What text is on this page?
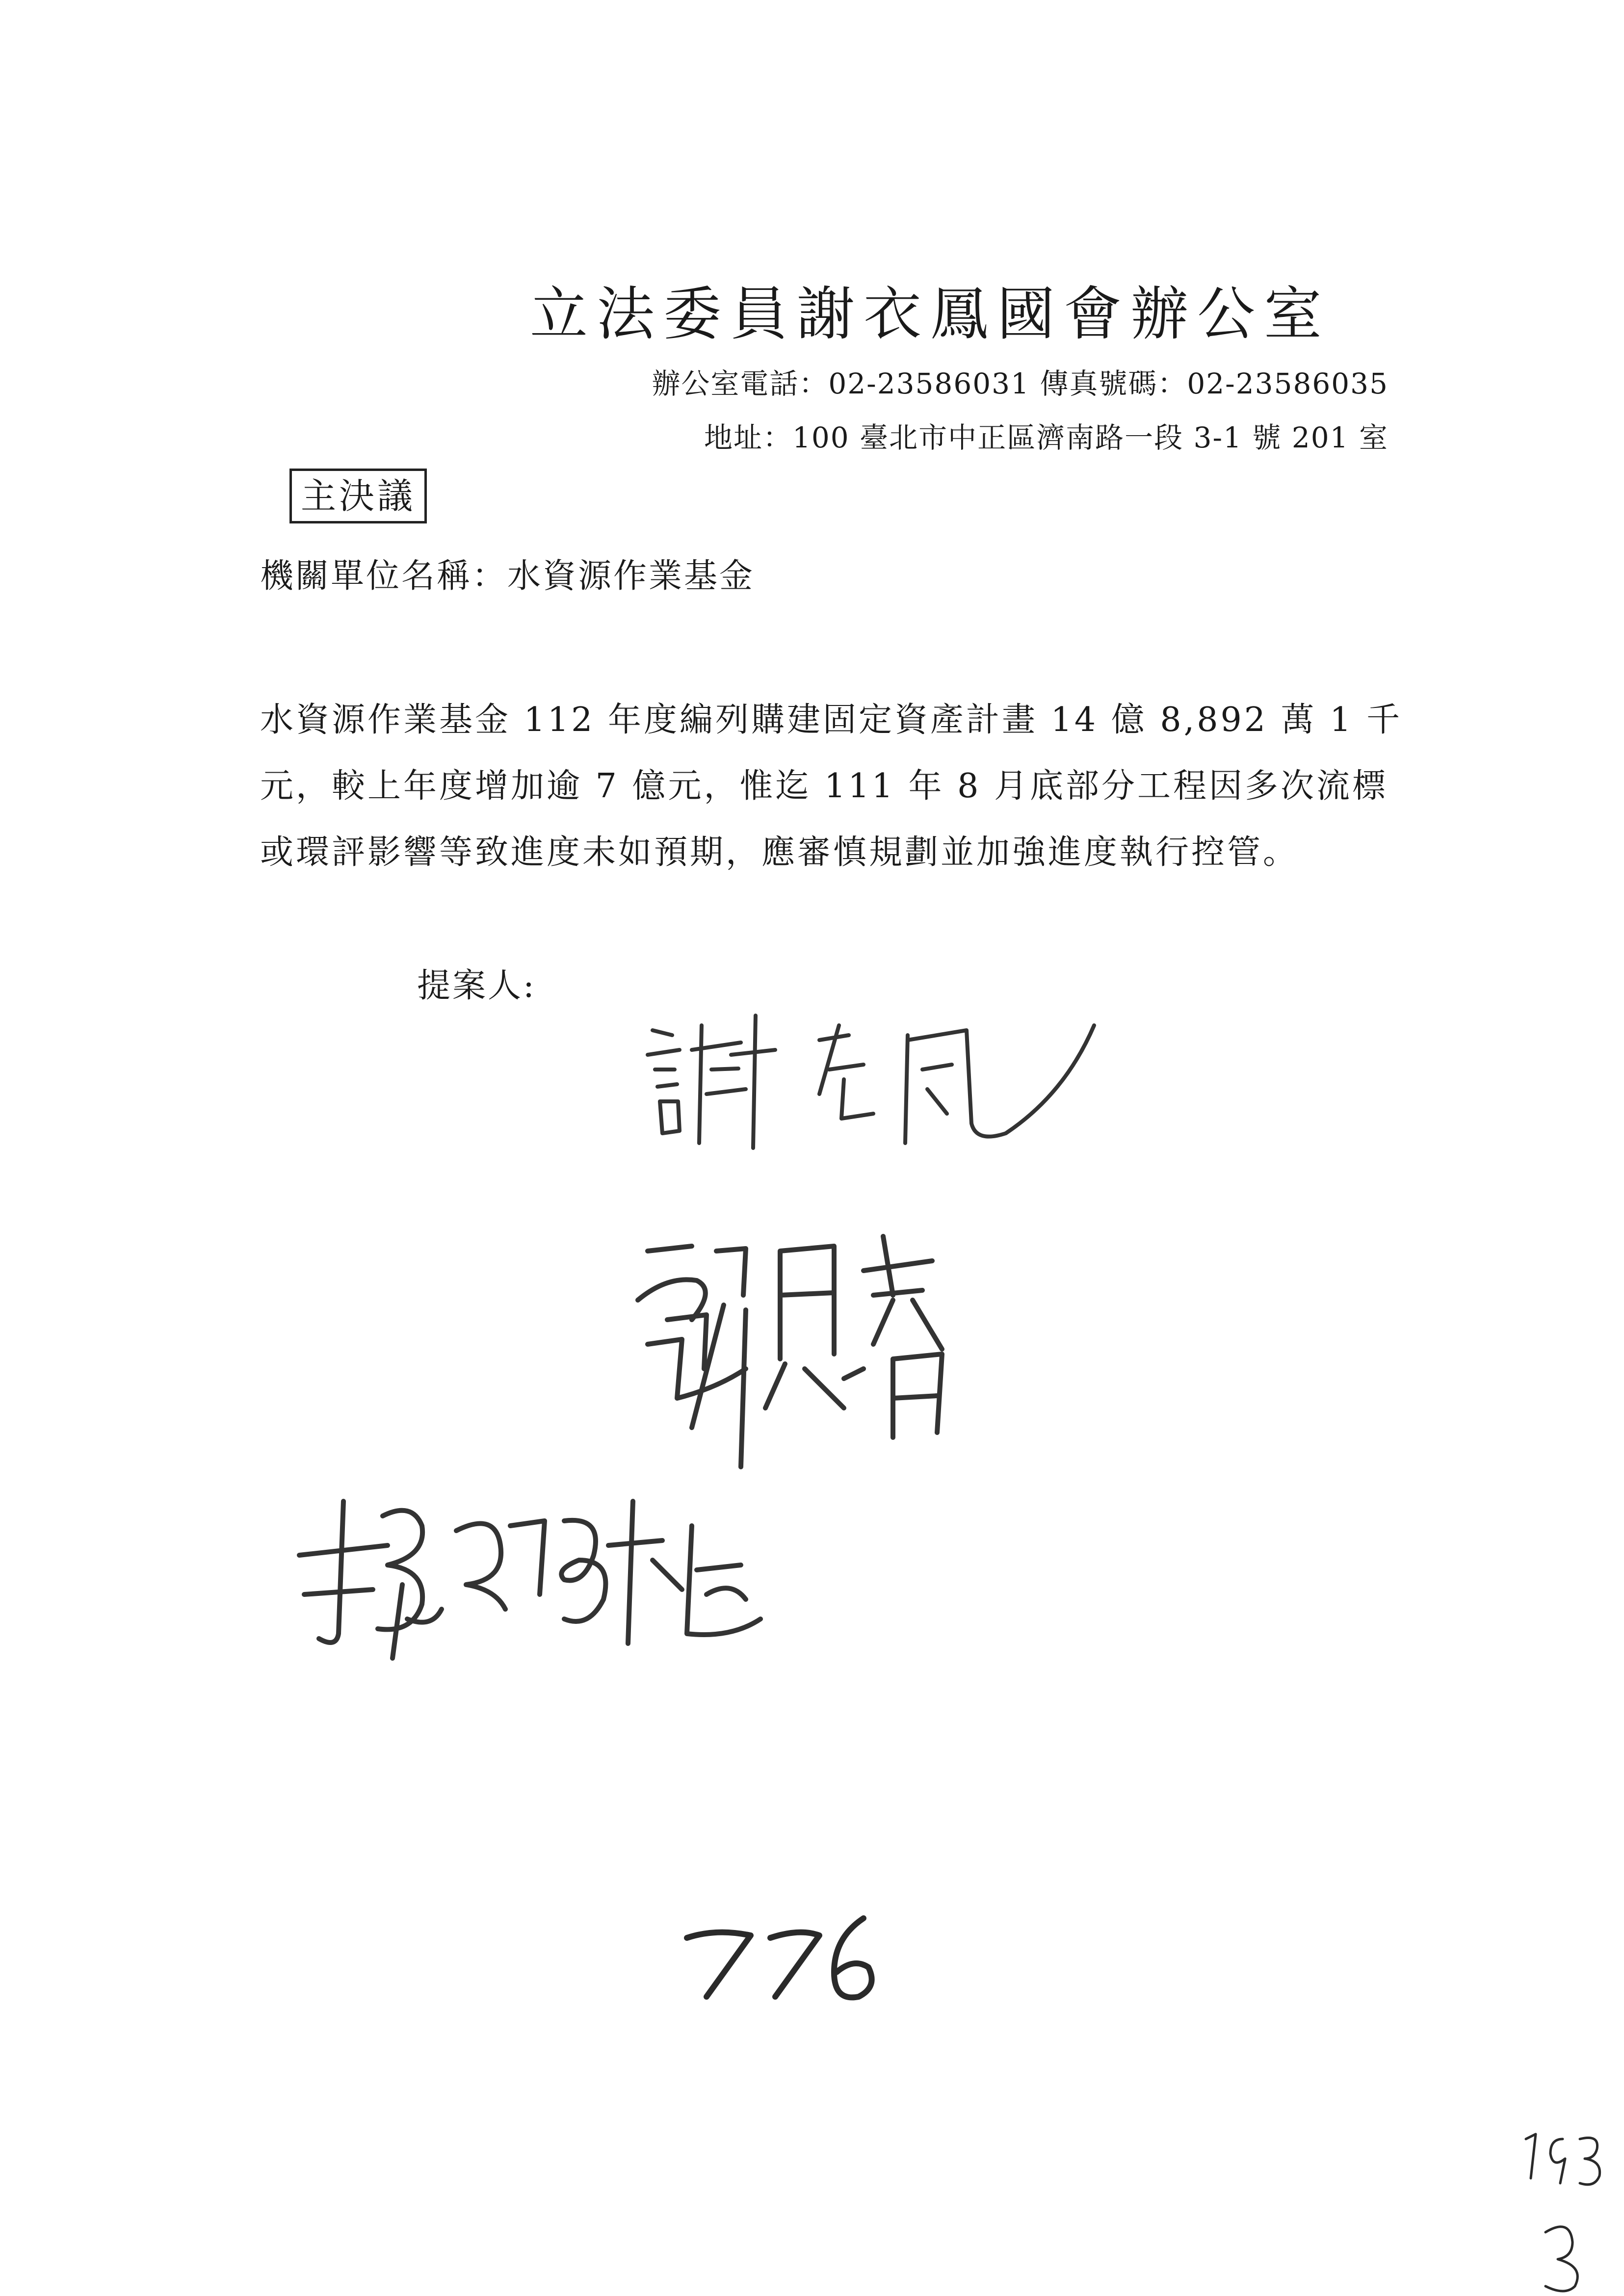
立法委員謝衣鳳國會辦公室
辦公室電話：02-23586031 傳真號碼：02-23586035
地址：100 臺北市中正區濟南路一段 3-1 號 201 室
主決議
機關單位名稱：水資源作業基金
水資源作業基金 112 年度編列購建固定資產計畫 14 億 8,892 萬 1 千
元，較上年度增加逾 7 億元，惟迄 111 年 8 月底部分工程因多次流標
或環評影響等致進度未如預期，應審慎規劃並加強進度執行控管。
提案人:
